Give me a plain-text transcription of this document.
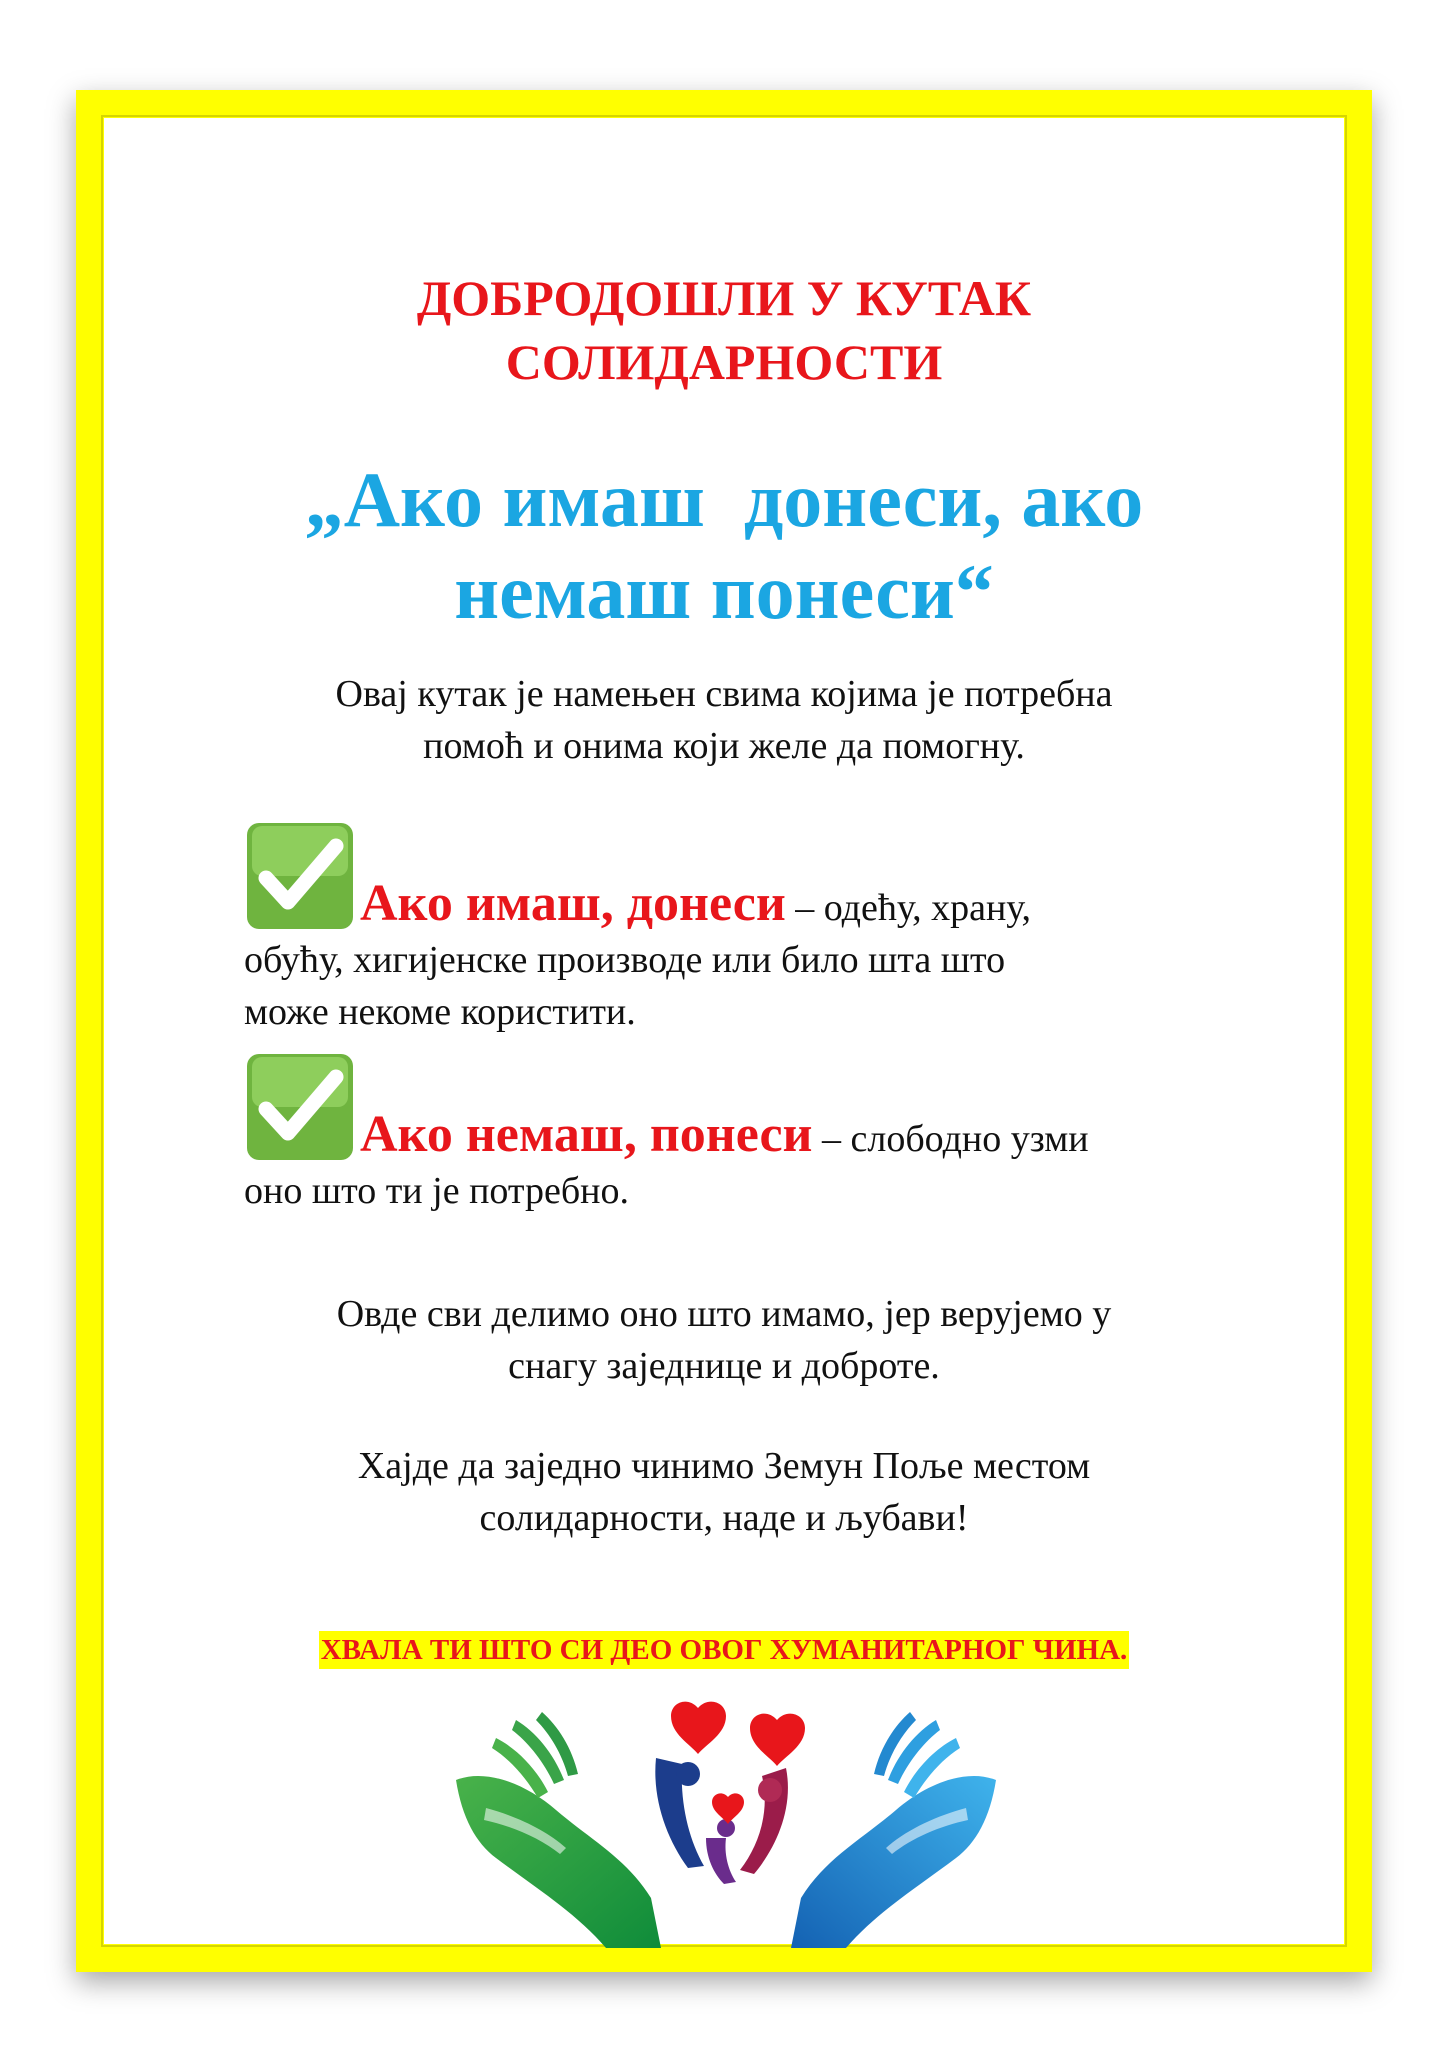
ДОБРОДОШЛИ У КУТАК
СОЛИДАРНОСТИ
„Ако имаш  донеси, ако
немаш понеси“
Овај кутак је намењен свима којима је потребна
помоћ и онима који желе да помогну.
Ако имаш, донеси – одећу, храну,
обућу, хигијенске производе или било шта што
може некоме користити.
Ако немаш, понеси – слободно узми
оно што ти је потребно.
Овде сви делимо оно што имамо, јер верујемо у
снагу заједнице и доброте.
Хајде да заједно чинимо Земун Поље местом
солидарности, наде и љубави!
ХВАЛА ТИ ШТО СИ ДЕО ОВОГ ХУМАНИТАРНОГ ЧИНА.
